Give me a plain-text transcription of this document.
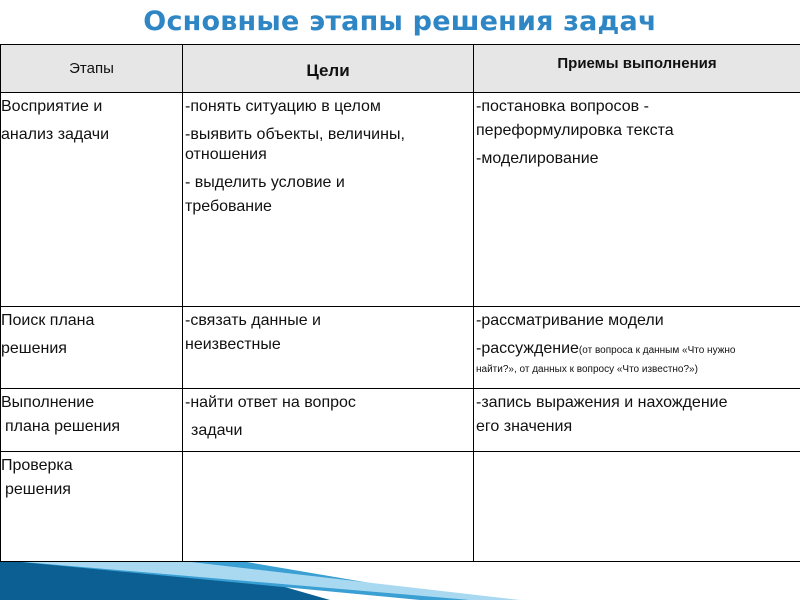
Основные этапы решения задач
Этапы	Цели	Приемы выполнения

Восприятие и
анализ задачи	-понять ситуацию в целом
-выявить объекты, величины,
отношения
- выделить условие и
требование	-постановка вопросов -
переформулировка текста
-моделирование

Поиск плана
решения	-связать данные и
неизвестные	-рассматривание модели
-рассуждение(от вопроса к данным «Что нужно
найти?», от данных к вопросу «Что известно?»)

Выполнение
плана решения	-найти ответ на вопрос
задачи	-запись выражения и нахождение
его значения

Проверка
решения		
